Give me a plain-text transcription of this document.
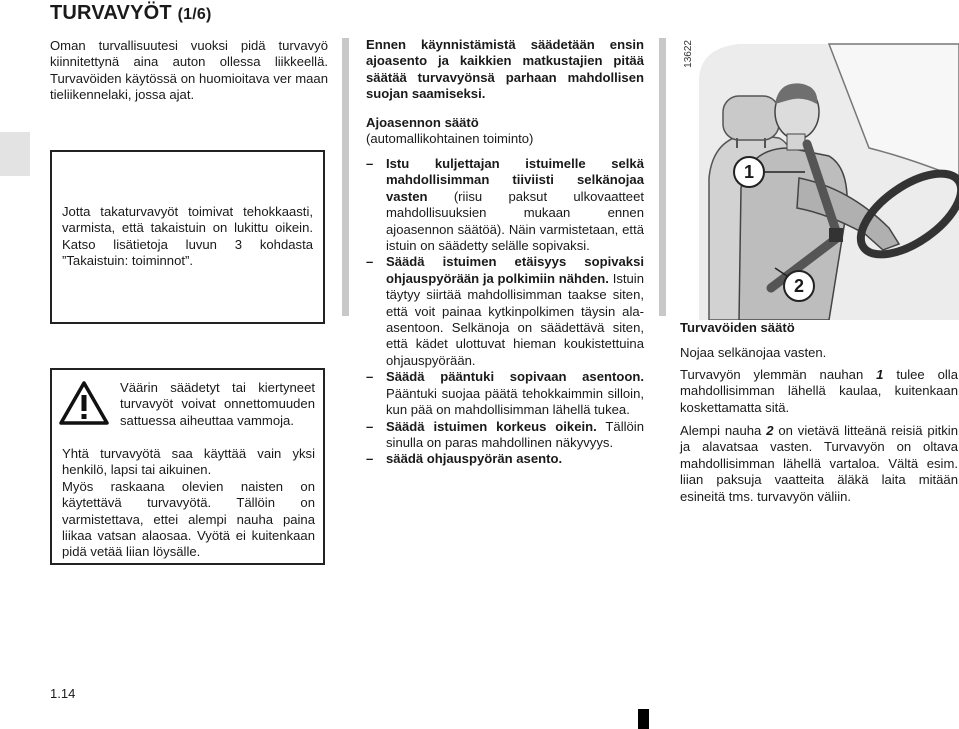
TURVAVYÖT (1/6)
Oman turvallisuutesi vuoksi pidä turvavyö kiinnitettynä aina auton ollessa liikkeellä. Turvavöiden käytössä on huomioitava ver maan tieliikennelaki, jossa ajat.
Jotta takaturvavyöt toimivat tehokkaasti, varmista, että takaistuin on lukittu oikein. Katso lisätietoja luvun 3 kohdasta ”Takaistuin: toiminnot”.
Väärin säädetyt tai kiertyneet turvavyöt voivat onnettomuuden sattuessa aiheuttaa vammoja.
Yhtä turvavyötä saa käyttää vain yksi henkilö, lapsi tai aikuinen.
Myös raskaana olevien naisten on käytettävä turvavyötä. Tällöin on varmistettava, ettei alempi nauha paina liikaa vatsan alaosaa. Vyötä ei kuitenkaan pidä vetää liian löysälle.
Ennen käynnistämistä säädetään ensin ajoasento ja kaikkien matkustajien pitää säätää turvavyönsä parhaan mahdollisen suojan saamiseksi.
Ajoasennon säätö
(automallikohtainen toiminto)
– Istu kuljettajan istuimelle selkä mahdollisimman tiiviisti selkänojaa vasten (riisu paksut ulkovaatteet mahdollisuuksien mukaan ennen ajoasennon säätöä). Näin varmistetaan, että istuin on säädetty selälle sopivaksi.
– Säädä istuimen etäisyys sopivaksi ohjauspyörään ja polkimiin nähden. Istuin täytyy siirtää mahdollisimman taakse siten, että voit painaa kytkinpolkimen täysin ala-asentoon. Selkänoja on säädettävä siten, että kädet ulottuvat hieman koukistettuina ohjauspyörään.
– Säädä pääntuki sopivaan asentoon. Pääntuki suojaa päätä tehokkaimmin silloin, kun pää on mahdollisimman lähellä tukea.
– Säädä istuimen korkeus oikein. Tällöin sinulla on paras mahdollinen näkyvyys.
– säädä ohjauspyörän asento.
13622
1
2
Turvavöiden säätö
Nojaa selkänojaa vasten.
Turvavyön ylemmän nauhan 1 tulee olla mahdollisimman lähellä kaulaa, kuitenkaan koskettamatta sitä.
Alempi nauha 2 on vietävä litteänä reisiä pitkin ja alavatsaa vasten. Turvavyön on oltava mahdollisimman lähellä vartaloa. Vältä esim. liian paksuja vaatteita äläkä laita mitään esineitä tms. turvavyön väliin.
1.14
